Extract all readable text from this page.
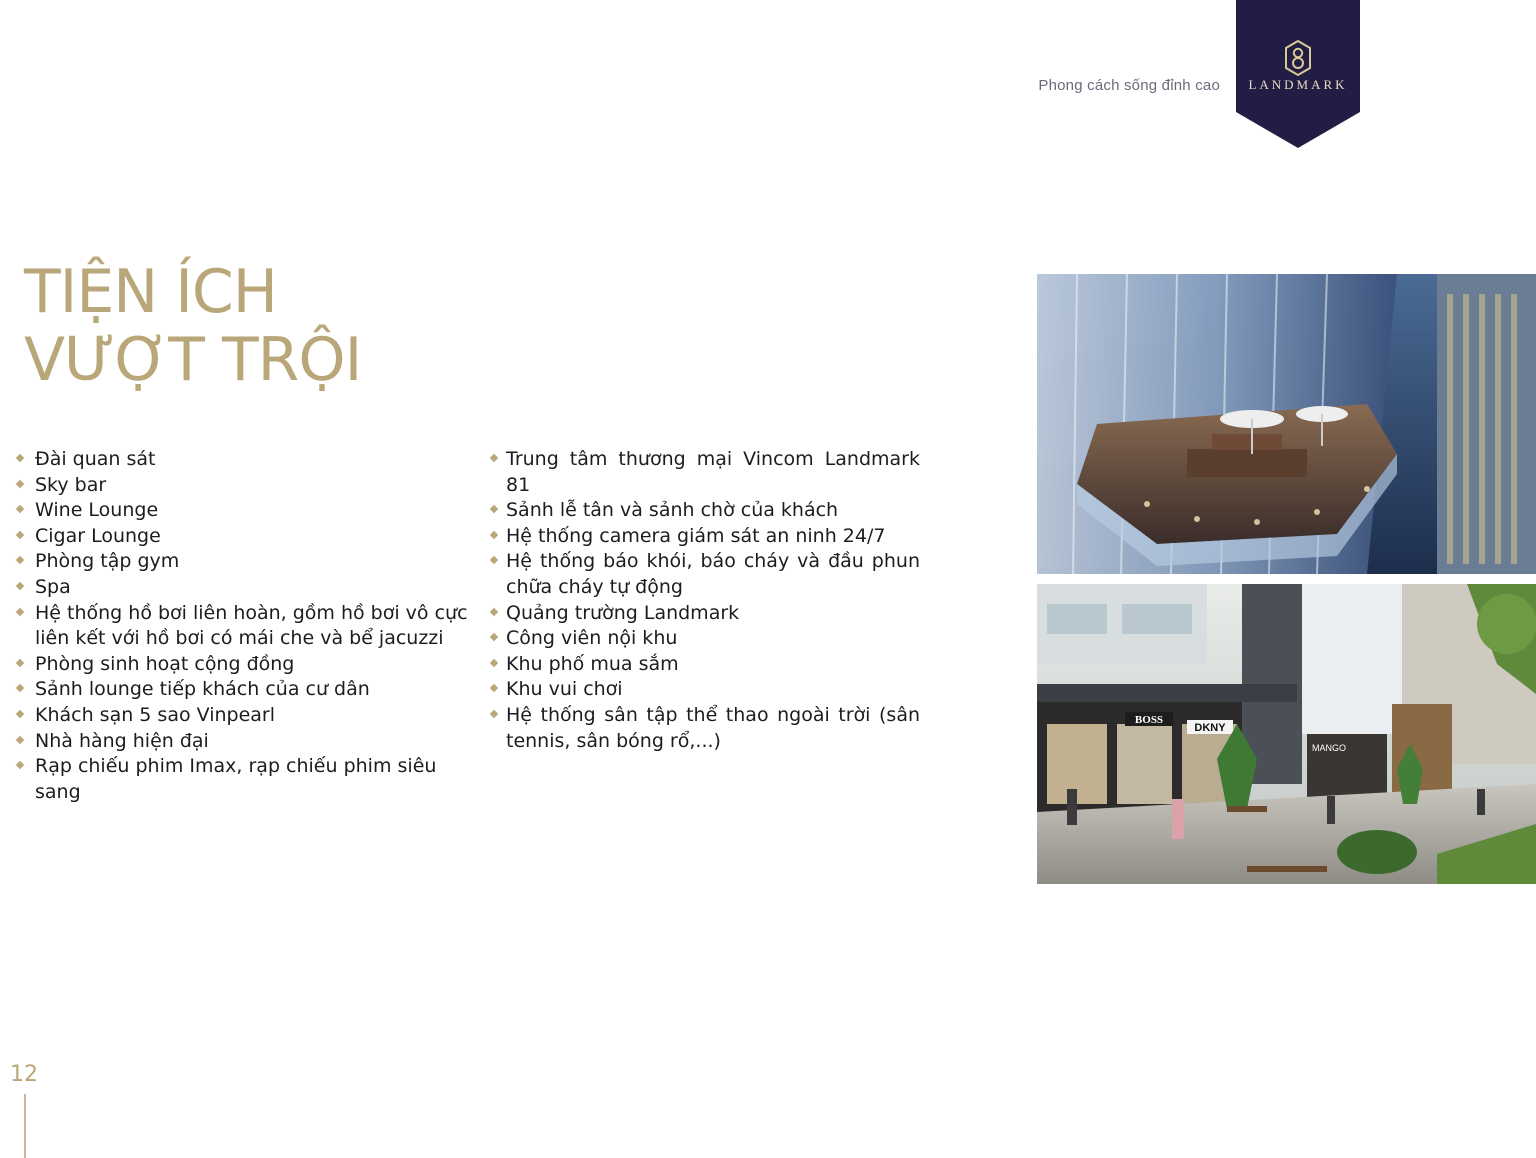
Phong cách sống đỉnh cao	LANDMARK
TIỆN ÍCH
VƯỢT TRỘI
Đài quan sát
Sky bar
Wine Lounge
Cigar Lounge
Phòng tập gym
Spa
Hệ thống hồ bơi liên hoàn, gồm hồ bơi vô cực liên kết với hồ bơi có mái che và bể jacuzzi
Phòng sinh hoạt cộng đồng
Sảnh lounge tiếp khách của cư dân
Khách sạn 5 sao Vinpearl
Nhà hàng hiện đại
Rạp chiếu phim Imax, rạp chiếu phim siêu sang
Trung tâm thương mại Vincom Landmark 81
Sảnh lễ tân và sảnh chờ của khách
Hệ thống camera giám sát an ninh 24/7
Hệ thống báo khói, báo cháy và đầu phun chữa cháy tự động
Quảng trường Landmark
Công viên nội khu
Khu phố mua sắm
Khu vui chơi
Hệ thống sân tập thể thao ngoài trời (sân tennis, sân bóng rổ,...)
BOSS
DKNY
MANGO
12
